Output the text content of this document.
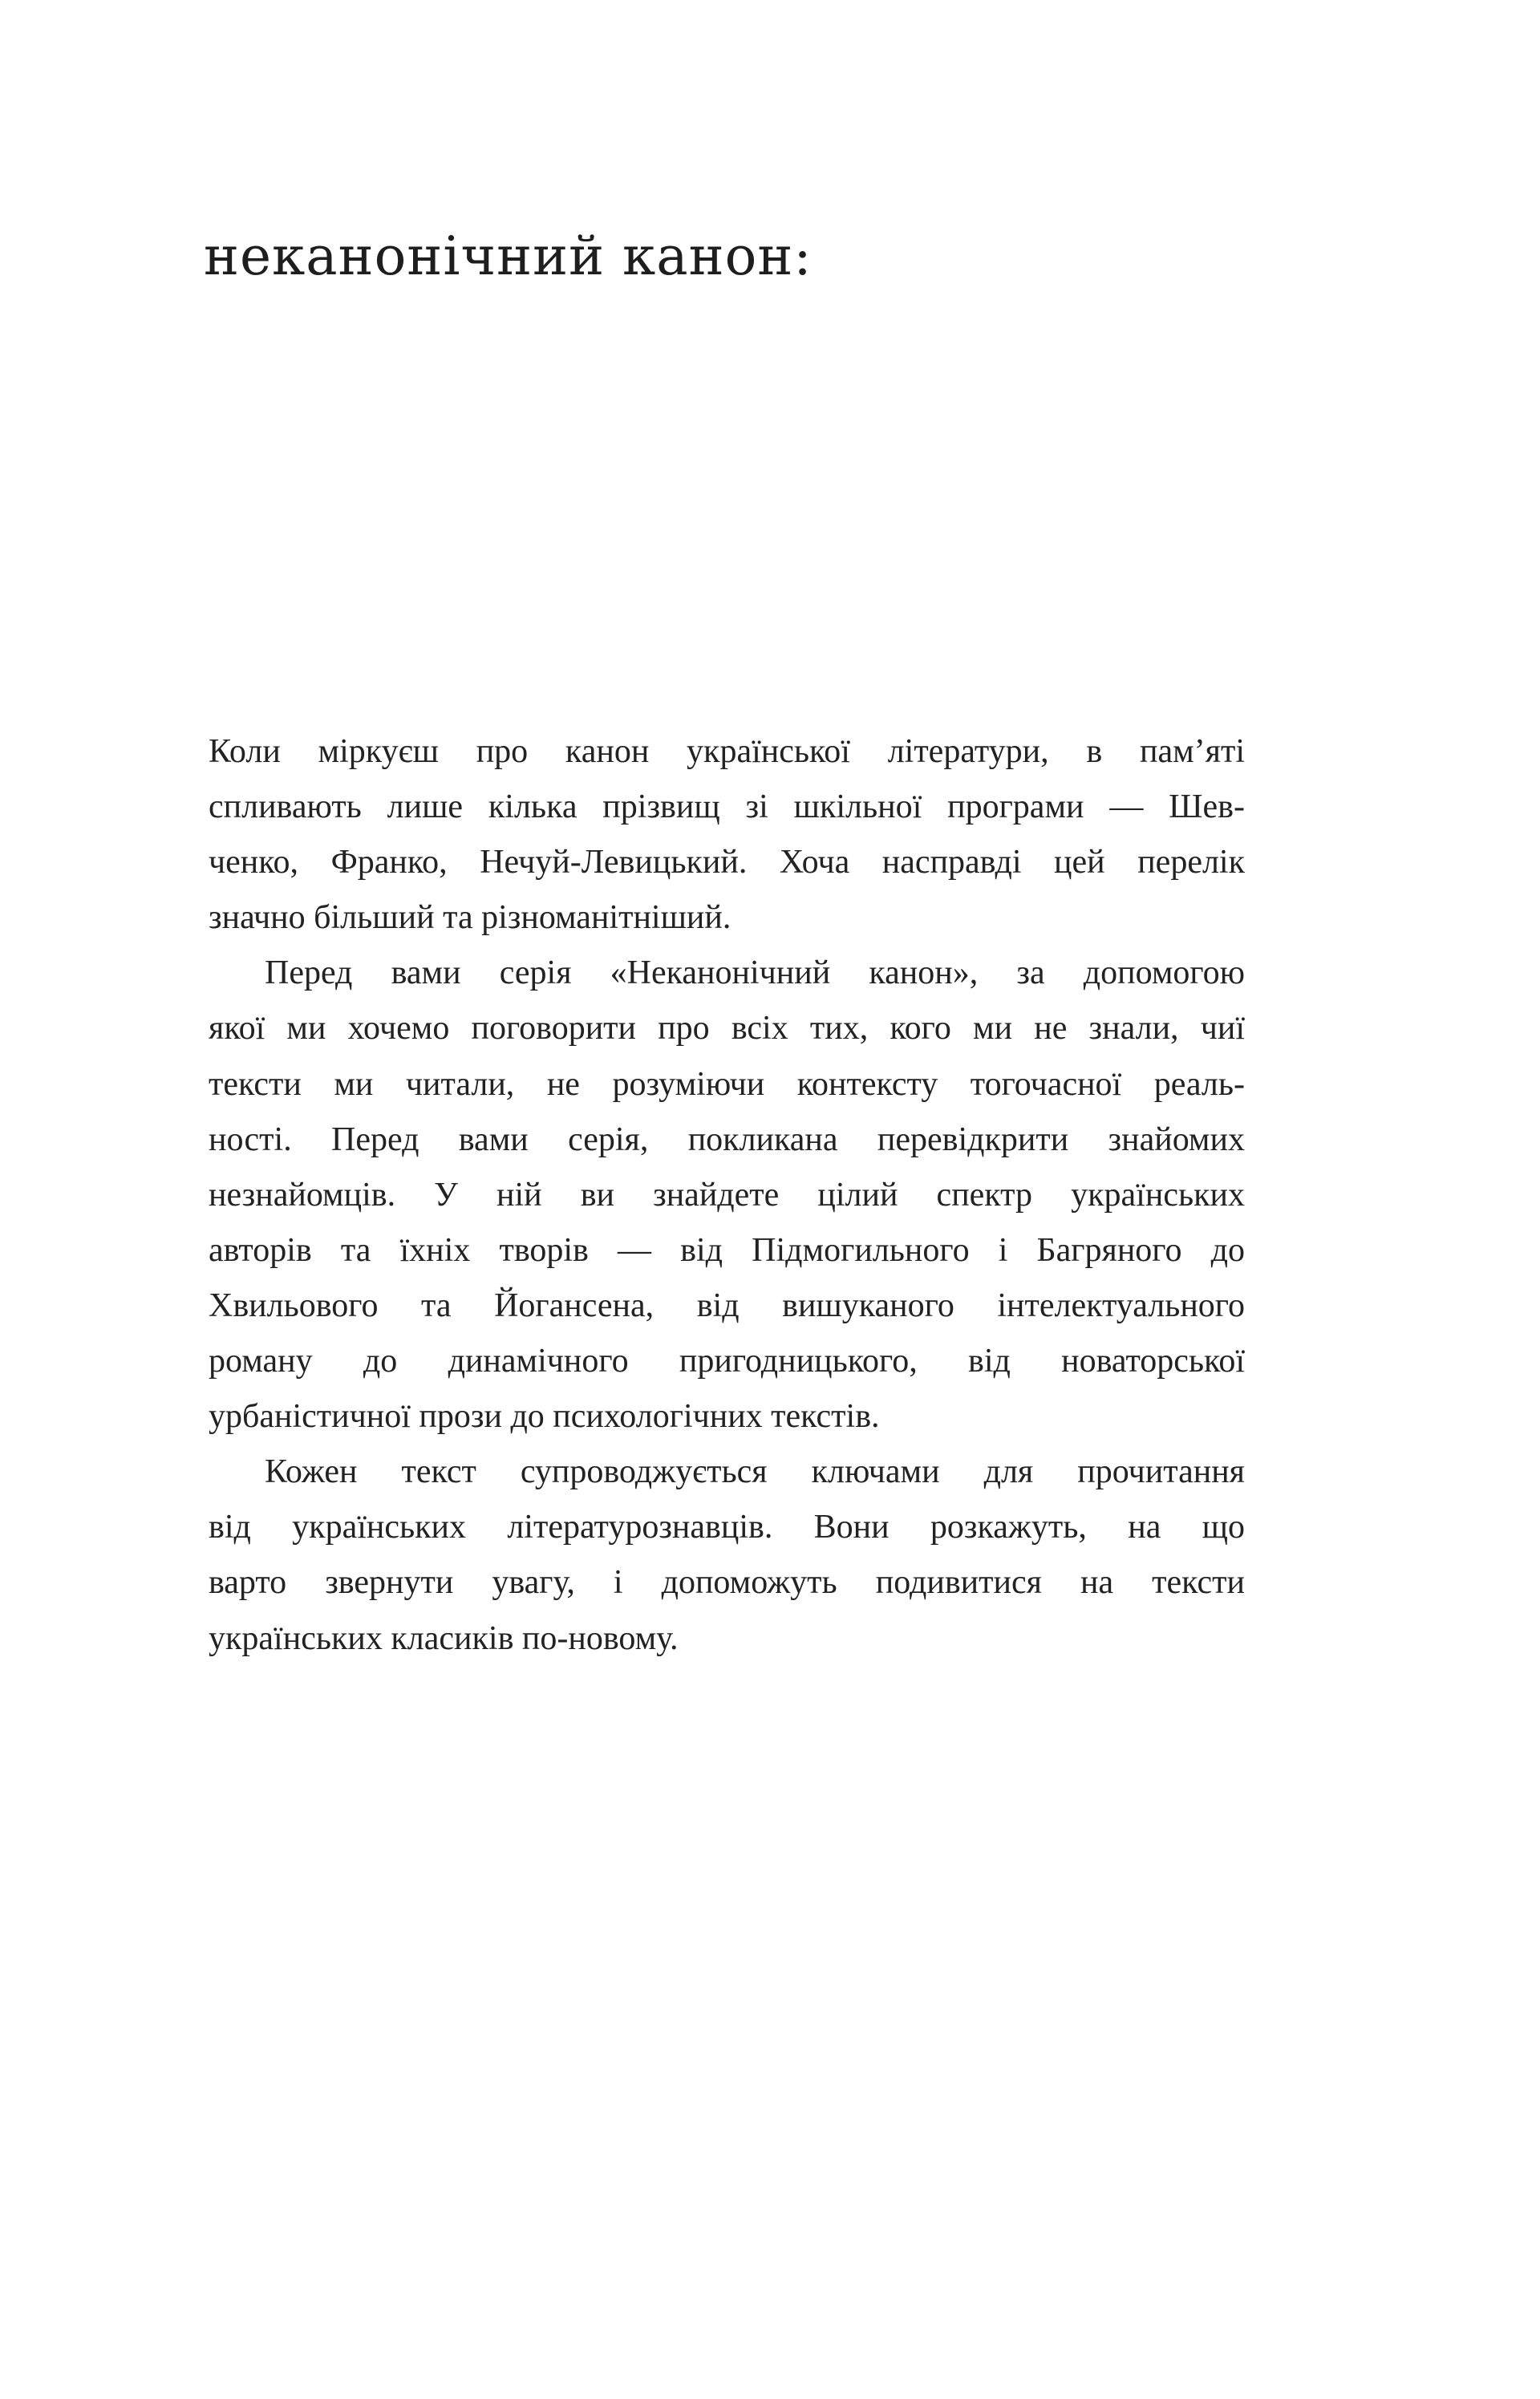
неканонічний канон:
Коли міркуєш про канон української літератури, в пам’яті
спливають лише кілька прізвищ зі шкільної програми — Шев-
ченко, Франко, Нечуй-Левицький. Хоча насправді цей перелік
значно більший та різноманітніший.
Перед вами серія «Неканонічний канон», за допомогою
якої ми хочемо поговорити про всіх тих, кого ми не знали, чиї
тексти ми читали, не розуміючи контексту тогочасної реаль-
ності. Перед вами серія, покликана перевідкрити знайомих
незнайомців. У ній ви знайдете цілий спектр українських
авторів та їхніх творів — від Підмогильного і Багряного до
Хвильового та Йогансена, від вишуканого інтелектуального
роману до динамічного пригодницького, від новаторської
урбаністичної прози до психологічних текстів.
Кожен текст супроводжується ключами для прочитання
від українських літературознавців. Вони розкажуть, на що
варто звернути увагу, і допоможуть подивитися на тексти
українських класиків по-новому.
